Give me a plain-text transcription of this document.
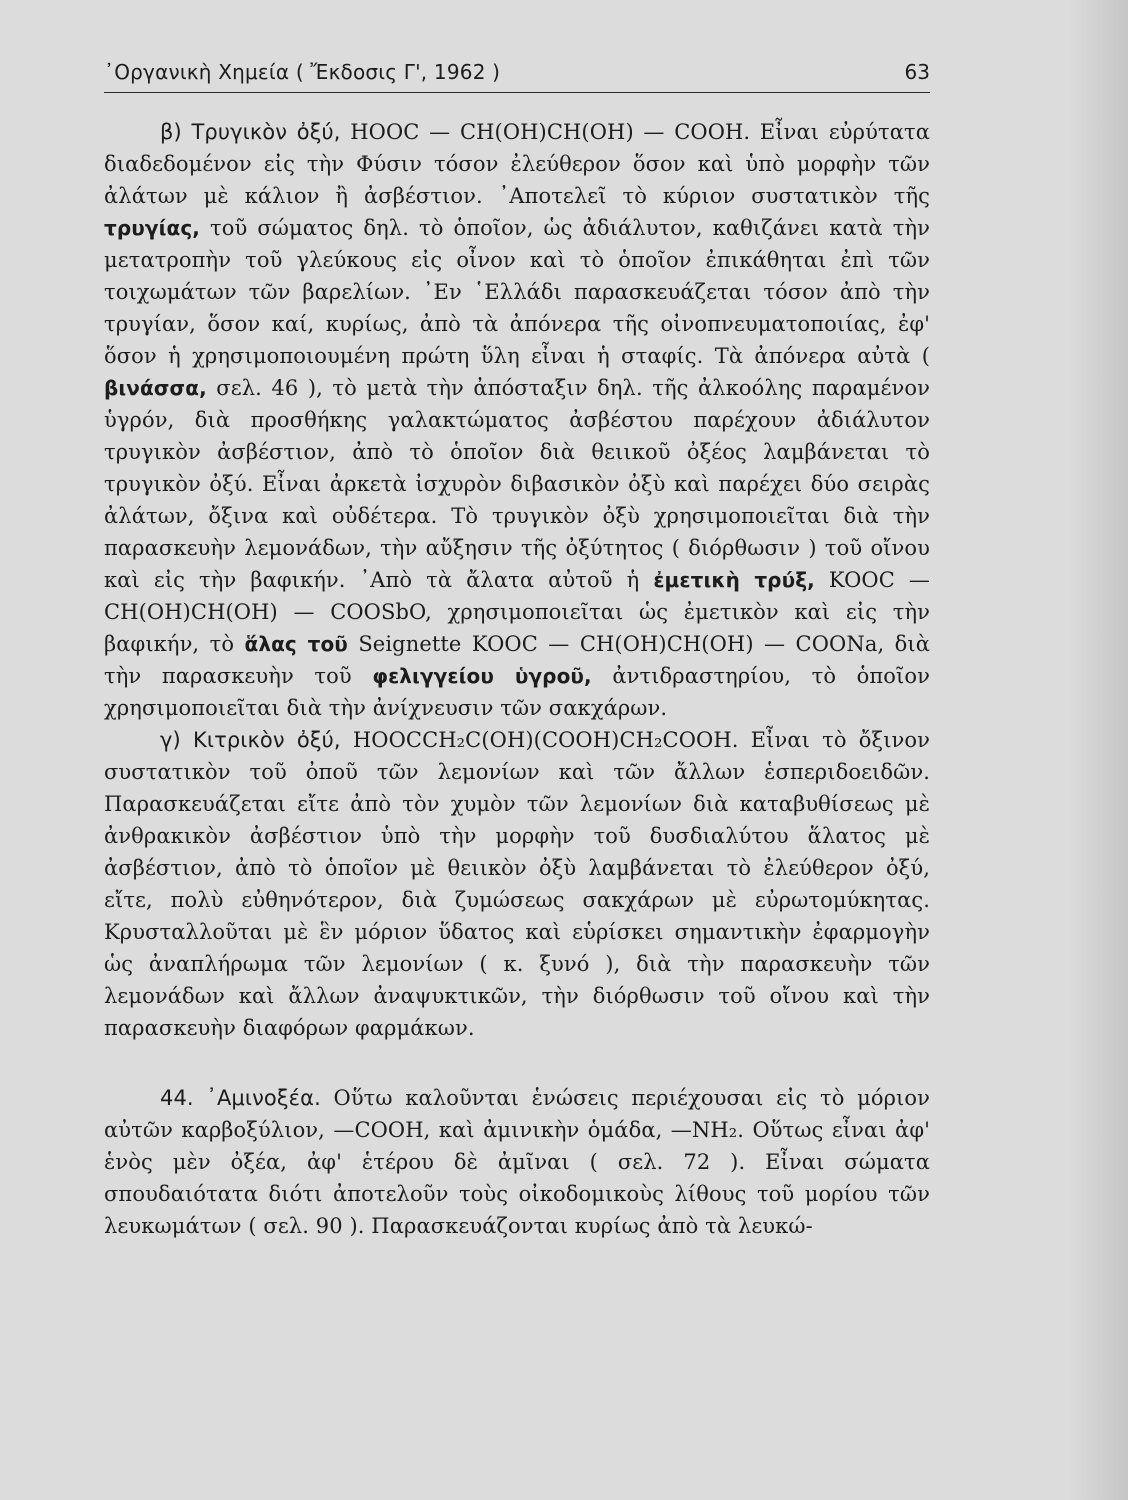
᾿Οργανικὴ Χημεία ( Ἔκδοσις Γ', 1962 )	63

β) Τρυγικὸν ὀξύ, HOOC — CH(OH)CH(OH) — COOH. Εἶναι εὐρύτατα διαδεδομένον εἰς τὴν Φύσιν τόσον ἐλεύθερον ὅσον καὶ ὑπὸ μορφὴν τῶν ἀλάτων μὲ κάλιον ἢ ἀσβέστιον. ᾿Αποτελεῖ τὸ κύριον συστατικὸν τῆς τρυγίας, τοῦ σώματος δηλ. τὸ ὁποῖον, ὡς ἀδιάλυτον, καθιζάνει κατὰ τὴν μετατροπὴν τοῦ γλεύκους εἰς οἶνον καὶ τὸ ὁποῖον ἐπικάθηται ἐπὶ τῶν τοιχωμάτων τῶν βαρελίων. ᾿Εν ῾Ελλάδι παρασκευάζεται τόσον ἀπὸ τὴν τρυγίαν, ὅσον καί, κυρίως, ἀπὸ τὰ ἀπόνερα τῆς οἰνοπνευματοποιίας, ἐφ' ὅσον ἡ χρησιμοποιουμένη πρώτη ὕλη εἶναι ἡ σταφίς. Τὰ ἀπόνερα αὐτὰ ( βινάσσα, σελ. 46 ), τὸ μετὰ τὴν ἀπόσταξιν δηλ. τῆς ἀλκοόλης παραμένον ὑγρόν, διὰ προσθήκης γαλακτώματος ἀσβέστου παρέχουν ἀδιάλυτον τρυγικὸν ἀσβέστιον, ἀπὸ τὸ ὁποῖον διὰ θειικοῦ ὀξέος λαμβάνεται τὸ τρυγικὸν ὀξύ. Εἶναι ἀρκετὰ ἰσχυρὸν διβασικὸν ὀξὺ καὶ παρέχει δύο σειρὰς ἀλάτων, ὄξινα καὶ οὐδέτερα. Τὸ τρυγικὸν ὀξὺ χρησιμοποιεῖται διὰ τὴν παρασκευὴν λεμονάδων, τὴν αὔξησιν τῆς ὀξύτητος ( διόρθωσιν ) τοῦ οἴνου καὶ εἰς τὴν βαφικήν. ᾿Απὸ τὰ ἄλατα αὐτοῦ ἡ ἐμετικὴ τρύξ, KOOC — CH(OH)CH(OH) — COOSbO, χρησιμοποιεῖται ὡς ἐμετικὸν καὶ εἰς τὴν βαφικήν, τὸ ἅλας τοῦ Seignette KOOC — CH(OH)CH(OH) — COONa, διὰ τὴν παρασκευὴν τοῦ φελιγγείου ὑγροῦ, ἀντιδραστηρίου, τὸ ὁποῖον χρησιμοποιεῖται διὰ τὴν ἀνίχνευσιν τῶν σακχάρων.

γ) Κιτρικὸν ὀξύ, HOOCCH₂C(OH)(COOH)CH₂COOH. Εἶναι τὸ ὄξινον συστατικὸν τοῦ ὀποῦ τῶν λεμονίων καὶ τῶν ἄλλων ἑσπεριδοειδῶν. Παρασκευάζεται εἴτε ἀπὸ τὸν χυμὸν τῶν λεμονίων διὰ καταβυθίσεως μὲ ἀνθρακικὸν ἀσβέστιον ὑπὸ τὴν μορφὴν τοῦ δυσδιαλύτου ἅλατος μὲ ἀσβέστιον, ἀπὸ τὸ ὁποῖον μὲ θειικὸν ὀξὺ λαμβάνεται τὸ ἐλεύθερον ὀξύ, εἴτε, πολὺ εὐθηνότερον, διὰ ζυμώσεως σακχάρων μὲ εὐρωτομύκητας. Κρυσταλλοῦται μὲ ἓν μόριον ὕδατος καὶ εὑρίσκει σημαντικὴν ἐφαρμογὴν ὡς ἀναπλήρωμα τῶν λεμονίων ( κ. ξυνό ), διὰ τὴν παρασκευὴν τῶν λεμονάδων καὶ ἄλλων ἀναψυκτικῶν, τὴν διόρθωσιν τοῦ οἴνου καὶ τὴν παρασκευὴν διαφόρων φαρμάκων.

44. ᾿Αμινοξέα. Οὕτω καλοῦνται ἑνώσεις περιέχουσαι εἰς τὸ μόριον αὐτῶν καρβοξύλιον, —COOH, καὶ ἀμινικὴν ὁμάδα, —NH₂. Οὕτως εἶναι ἀφ' ἑνὸς μὲν ὀξέα, ἀφ' ἑτέρου δὲ ἀμῖναι ( σελ. 72 ). Εἶναι σώματα σπουδαιότατα διότι ἀποτελοῦν τοὺς οἰκοδομικοὺς λίθους τοῦ μορίου τῶν λευκωμάτων ( σελ. 90 ). Παρασκευάζονται κυρίως ἀπὸ τὰ λευκώ-
